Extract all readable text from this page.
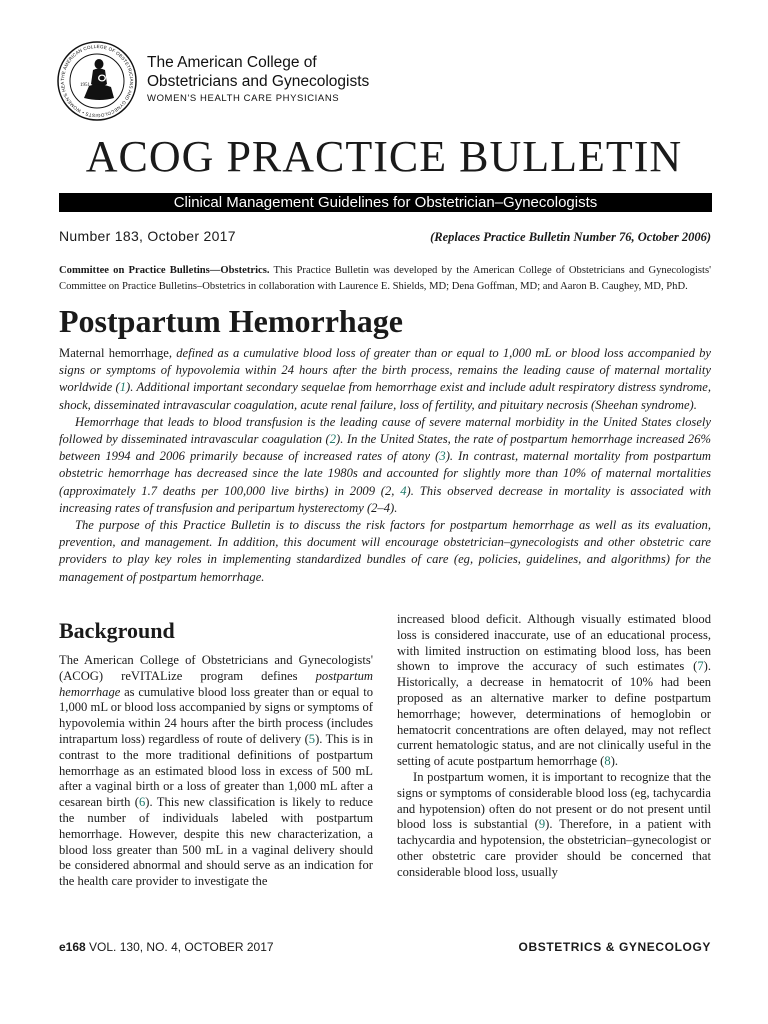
THE AMERICAN COLLEGE OF OBSTETRICIANS AND GYNECOLOGISTS • WOMEN'S HEA	1951
The American College of
Obstetricians and Gynecologists
WOMEN'S HEALTH CARE PHYSICIANS
ACOG PRACTICE BULLETIN
Clinical Management Guidelines for Obstetrician–Gynecologists
Number 183, October 2017	(Replaces Practice Bulletin Number 76, October 2006)
Committee on Practice Bulletins—Obstetrics. This Practice Bulletin was developed by the American College of Obstetricians and Gynecologists' Committee on Practice Bulletins–Obstetrics in collaboration with Laurence E. Shields, MD; Dena Goffman, MD; and Aaron B. Caughey, MD, PhD.
Postpartum Hemorrhage

Maternal hemorrhage, defined as a cumulative blood loss of greater than or equal to 1,000 mL or blood loss accompanied by signs or symptoms of hypovolemia within 24 hours after the birth process, remains the leading cause of maternal mortality worldwide (1). Additional important secondary sequelae from hemorrhage exist and include adult respiratory distress syndrome, shock, disseminated intravascular coagulation, acute renal failure, loss of fertility, and pituitary necrosis (Sheehan syndrome).

Hemorrhage that leads to blood transfusion is the leading cause of severe maternal morbidity in the United States closely followed by disseminated intravascular coagulation (2). In the United States, the rate of postpartum hemorrhage increased 26% between 1994 and 2006 primarily because of increased rates of atony (3). In contrast, maternal mortality from postpartum obstetric hemorrhage has decreased since the late 1980s and accounted for slightly more than 10% of maternal mortalities (approximately 1.7 deaths per 100,000 live births) in 2009 (2, 4). This observed decrease in mortality is associated with increasing rates of transfusion and peripartum hysterectomy (2–4).

The purpose of this Practice Bulletin is to discuss the risk factors for postpartum hemorrhage as well as its evaluation, prevention, and management. In addition, this document will encourage obstetrician–gynecologists and other obstetric care providers to play key roles in implementing standardized bundles of care (eg, policies, guidelines, and algorithms) for the management of postpartum hemorrhage.

Background

The American College of Obstetricians and Gynecologists' (ACOG) reVITALize program defines postpartum hemorrhage as cumulative blood loss greater than or equal to 1,000 mL or blood loss accompanied by signs or symptoms of hypovolemia within 24 hours after the birth process (includes intrapartum loss) regardless of route of delivery (5). This is in contrast to the more traditional definitions of postpartum hemorrhage as an estimated blood loss in excess of 500 mL after a vaginal birth or a loss of greater than 1,000 mL after a cesarean birth (6). This new classification is likely to reduce the number of individuals labeled with postpartum hemorrhage. However, despite this new characterization, a blood loss greater than 500 mL in a vaginal delivery should be considered abnormal and should serve as an indication for the health care provider to investigate the

increased blood deficit. Although visually estimated blood loss is considered inaccurate, use of an educational process, with limited instruction on estimating blood loss, has been shown to improve the accuracy of such estimates (7). Historically, a decrease in hematocrit of 10% had been proposed as an alternative marker to define postpartum hemorrhage; however, determinations of hemoglobin or hematocrit concentrations are often delayed, may not reflect current hematologic status, and are not clinically useful in the setting of acute postpartum hemorrhage (8).

In postpartum women, it is important to recognize that the signs or symptoms of considerable blood loss (eg, tachycardia and hypotension) often do not present or do not present until blood loss is substantial (9). Therefore, in a patient with tachycardia and hypotension, the obstetrician–gynecologist or other obstetric care provider should be concerned that considerable blood loss, usually

e168 VOL. 130, NO. 4, OCTOBER 2017	OBSTETRICS & GYNECOLOGY
